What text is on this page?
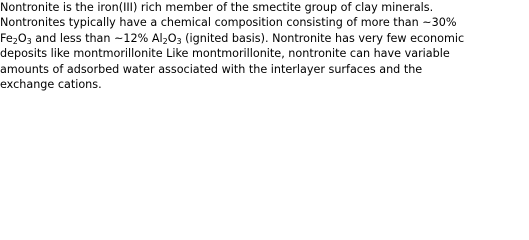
Nontronite is the iron(III) rich member of the smectite group of clay minerals.
Nontronites typically have a chemical composition consisting of more than ~30%
$Fe_2O_3$ and less than ~12% $Al_2O_3$ (ignited basis). Nontronite has very few economic
deposits like montmorillonite Like montmorillonite, nontronite can have variable
amounts of adsorbed water associated with the interlayer surfaces and the
exchange cations.
